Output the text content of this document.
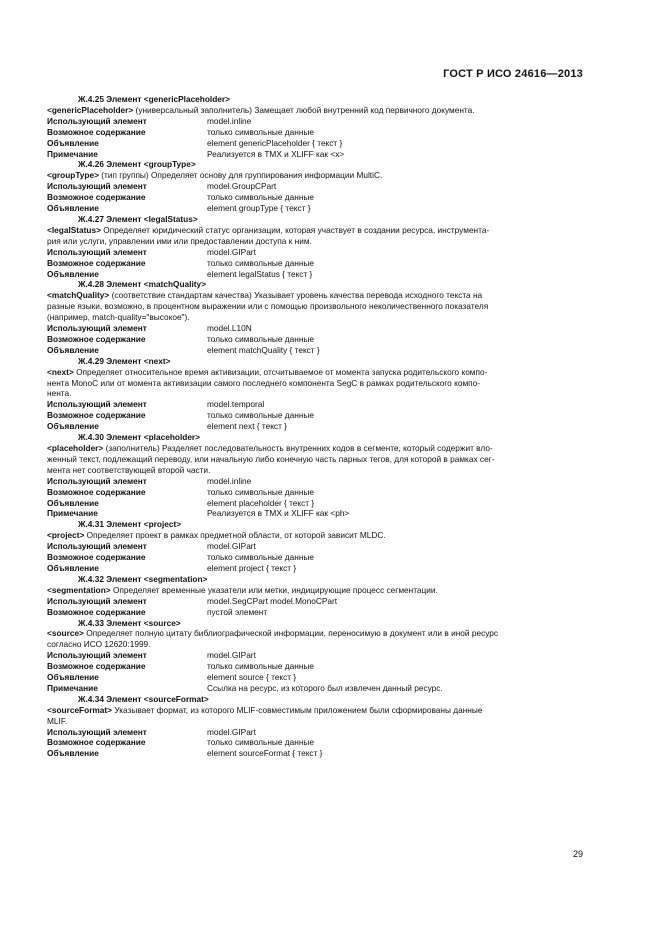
ГОСТ Р ИСО 24616—2013
Ж.4.25 Элемент <genericPlaceholder>
<genericPlaceholder> (универсальный заполнитель) Замещает любой внутренний код первичного документа.
Использующий элемент	model.inline
Возможное содержание	только символьные данные
Объявление	element genericPlaceholder { текст }
Примечание	Реализуется в ТМХ и XLIFF как <x>
Ж.4.26 Элемент <groupType>
<groupType> (тип группы) Определяет основу для группирования информации MultiC.
Использующий элемент	model.GroupCPart
Возможное содержание	только символьные данные
Объявление	element groupType { текст }
Ж.4.27 Элемент <legalStatus>
<legalStatus> Определяет юридический статус организации, которая участвует в создании ресурса, инструмента-
рия или услуги, управлении ими или предоставлении доступа к ним.
Использующий элемент	model.GIPart
Возможное содержание	только символьные данные
Объявление	element legalStatus { текст }
Ж.4.28 Элемент <matchQuality>
<matchQuality> (соответствие стандартам качества) Указывает уровень качества перевода исходного текста на
разные языки, возможно, в процентном выражении или с помощью произвольного неколичественного показателя
(например, match-quality="высокое").
Использующий элемент	model.L10N
Возможное содержание	только символьные данные
Объявление	element matchQuality { текст }
Ж.4.29 Элемент <next>
<next> Определяет относительное время активизации, отсчитываемое от момента запуска родительского компо-
нента MonoC или от момента активизации самого последнего компонента SegC в рамках родительского компо-
нента.
Использующий элемент	model.temporal
Возможное содержание	только символьные данные
Объявление	element next { текст }
Ж.4.30 Элемент <placeholder>
<placeholder> (заполнитель) Разделяет последовательность внутренних кодов в сегменте, который содержит вло-
женный текст, подлежащий переводу, или начальную либо конечную часть парных тегов, для которой в рамках сег-
мента нет соответствующей второй части.
Использующий элемент	model.inline
Возможное содержание	только символьные данные
Объявление	element placeholder { текст }
Примечание	Реализуется в ТМХ и XLIFF как <ph>
Ж.4.31 Элемент <project>
<project> Определяет проект в рамках предметной области, от которой зависит MLDC.
Использующий элемент	model.GIPart
Возможное содержание	только символьные данные
Объявление	element project { текст }
Ж.4.32 Элемент <segmentation>
<segmentation> Определяет временные указатели или метки, индицирующие процесс сегментации.
Использующий элемент	model.SegCPart model.MonoCPart
Возможное содержание	пустой элемент
Ж.4.33 Элемент <source>
<source> Определяет полную цитату библиографической информации, переносимую в документ или в иной ресурс
согласно ИСО 12620:1999.
Использующий элемент	model.GIPart
Возможное содержание	только символьные данные
Объявление	element source { текст }
Примечание	Ссылка на ресурс, из которого был извлечен данный ресурс.
Ж.4.34 Элемент <sourceFormat>
<sourceFormat> Указывает формат, из которого MLIF-совместимым приложением были сформированы данные
MLIF.
Использующий элемент	model.GIPart
Возможное содержание	только символьные данные
Объявление	element sourceFormat { текст }
29
